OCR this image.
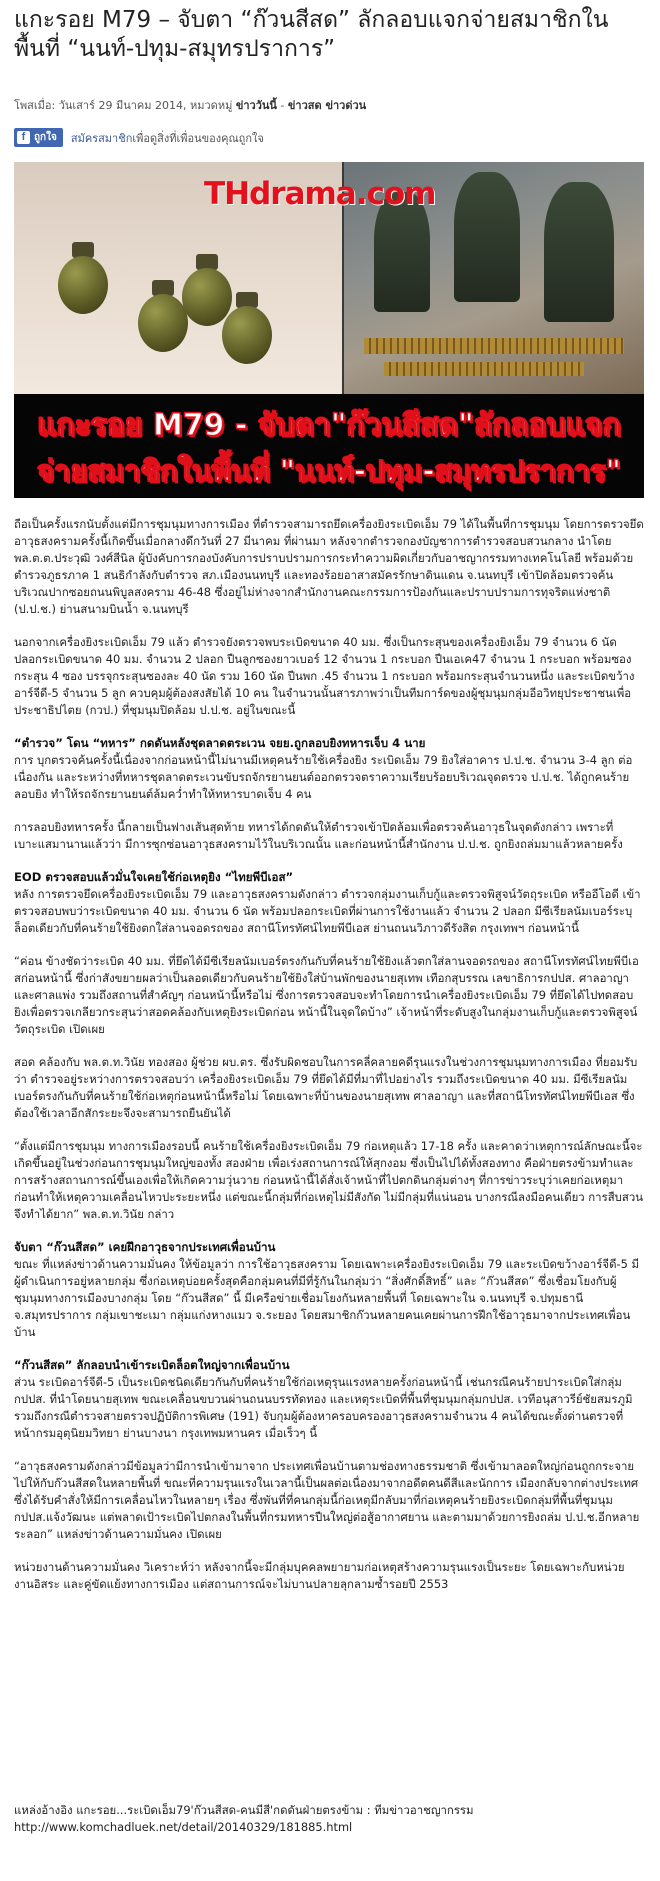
แกะรอย M79 – จับตา “ก๊วนสีสด” ลักลอบแจกจ่ายสมาชิกในพื้นที่ “นนท์-ปทุม-สมุทรปราการ”
โพสเมื่อ: วันเสาร์ 29 มีนาคม 2014, หมวดหมู่ ข่าววันนี้ - ข่าวสด ข่าวด่วน
f ถูกใจ สมัครสมาชิก เพื่อดูสิ่งที่เพื่อนของคุณถูกใจ
THdrama.com
แกะรอย M79 - จับตา"ก๊วนสีสด"ลักลอบแจก
จ่ายสมาชิกในพื้นที่ "นนท์-ปทุม-สมุทรปราการ"

ถือเป็นครั้งแรกนับตั้งแต่มีการชุมนุมทางการเมือง ที่ตำรวจสามารถยึดเครื่องยิงระเบิดเอ็ม 79 ได้ในพื้นที่การชุมนุม โดยการตรวจยึดอาวุธสงครามครั้งนี้เกิดขึ้นเมื่อกลางดึกวันที่ 27 มีนาคม ที่ผ่านมา หลังจากตำรวจกองบัญชาการตำรวจสอบสวนกลาง นำโดย พล.ต.ต.ประวุฒิ วงศ์สีนิล ผู้บังคับการกองบังคับการปราบปรามการกระทำความผิดเกี่ยวกับอาชญากรรมทางเทคโนโลยี พร้อมด้วยตำรวจภูธรภาค 1 สนธิกำลังกับตำรวจ สภ.เมืองนนทบุรี และทองร้อยอาสาสมัครรักษาดินแดน จ.นนทบุรี เข้าปิดล้อมตรวจค้นบริเวณปากซอยถนนพิบูลสงคราม 46-48 ซึ่งอยู่ไม่ห่างจากสำนักงานคณะกรรมการป้องกันและปราบปรามการทุจริตแห่งชาติ (ป.ป.ช.) ย่านสนามบินน้ำ จ.นนทบุรี

นอกจากเครื่องยิงระเบิดเอ็ม 79 แล้ว ตำรวจยังตรวจพบระเบิดขนาด 40 มม. ซึ่งเป็นกระสุนของเครื่องยิงเอ็ม 79 จำนวน 6 นัด ปลอกระเบิดขนาด 40 มม. จำนวน 2 ปลอก ปืนลูกซองยาวเบอร์ 12 จำนวน 1 กระบอก ปืนเอเค47 จำนวน 1 กระบอก พร้อมซองกระสุน 4 ซอง บรรจุกระสุนซองละ 40 นัด รวม 160 นัด ปืนพก .45 จำนวน 1 กระบอก พร้อมกระสุนจำนวนหนึ่ง และระเบิดขว้างอาร์จีดี-5 จำนวน 5 ลูก ควบคุมผู้ต้องสงสัยได้ 10 คน ในจำนวนนั้นสารภาพว่าเป็นทีมการ์ดของผู้ชุมนุมกลุ่มอีอวิทยุประชาชนเพื่อ ประชาธิปไตย (กวป.) ที่ชุมนุมปิดล้อม ป.ป.ช. อยู่ในขณะนี้

“ตำรวจ” โดน “ทหาร” กดดันหลังชุดลาดตระเวน จยย.ถูกลอบยิงทหารเจ็บ 4 นาย

การ บุกตรวจค้นครั้งนี้เนื่องจากก่อนหน้านี้ไม่นานมีเหตุคนร้ายใช้เครื่องยิง ระเบิดเอ็ม 79 ยิงใส่อาคาร ป.ป.ช. จำนวน 3-4 ลูก ต่อเนื่องกัน และระหว่างที่ทหารชุดลาดตระเวนขับรถจักรยานยนต์ออกตรวจตราความเรียบร้อยบริเวณจุดตรวจ ป.ป.ช. ได้ถูกคนร้ายลอบยิง ทำให้รถจักรยานยนต์ล้มคว่ำทำให้ทหารบาดเจ็บ 4 คน

การลอบยิงทหารครั้ง นี้กลายเป็นฟางเส้นสุดท้าย ทหารได้กดดันให้ตำรวจเข้าปิดล้อมเพื่อตรวจค้นอาวุธในจุดดังกล่าว เพราะที่เบาะแสมานานแล้วว่า มีการซุกซ่อนอาวุธสงครามไว้ในบริเวณนั้น และก่อนหน้านี้สำนักงาน ป.ป.ช. ถูกยิงถล่มมาแล้วหลายครั้ง

EOD ตรวจสอบแล้วมั่นใจเคยใช้ก่อเหตุยิง “ไทยพีบีเอส”

หลัง การตรวจยึดเครื่องยิงระเบิดเอ็ม 79 และอาวุธสงครามดังกล่าว ตำรวจกลุ่มงานเก็บกู้และตรวจพิสูจน์วัตถุระเบิด หรืออีโอดี เข้าตรวจสอบพบว่าระเบิดขนาด 40 มม. จำนวน 6 นัด พร้อมปลอกระเบิดที่ผ่านการใช้งานแล้ว จำนวน 2 ปลอก มีซีเรียลนัมเบอร์ระบุล็อตเดียวกับที่คนร้ายใช้ยิงตกใส่ลานจอดรถของ สถานีโทรทัศน์ไทยพีบีเอส ย่านถนนวิภาวดีรังสิต กรุงเทพฯ ก่อนหน้านี้

“ค่อน ข้างชัดว่าระเบิด 40 มม. ที่ยึดได้มีซีเรียลนัมเบอร์ตรงกันกับที่คนร้ายใช้ยิงแล้วตกใส่ลานจอดรถของ สถานีโทรทัศน์ไทยพีบีเอสก่อนหน้านี้ ซึ่งก่าสังขยายผลว่าเป็นลอตเดียวกับคนร้ายใช้ยิงใส่บ้านพักของนายสุเทพ เทือกสุบรรณ เลขาธิการกปปส. ศาลอาญา และศาลแพ่ง รวมถึงสถานที่สำคัญๆ ก่อนหน้านี้หรือไม่ ซึ่งการตรวจสอบจะทำโดยการนำเครื่องยิงระเบิดเอ็ม 79 ที่ยึดได้ไปทดสอบยิงเพื่อตรวจเกลียวกระสุนว่าสอดคล้องกับเหตุยิงระเบิดก่อน หน้านี้ในจุดใดบ้าง” เจ้าหน้าที่ระดับสูงในกลุ่มงานเก็บกู้และตรวจพิสูจน์วัตถุระเบิด เปิดเผย

สอด คล้องกับ พล.ต.ท.วินัย ทองสอง ผู้ช่วย ผบ.ตร. ซึ่งรับผิดชอบในการคลี่คลายคดีรุนแรงในช่วงการชุมนุมทางการเมือง ที่ยอมรับว่า ตำรวจอยู่ระหว่างการตรวจสอบว่า เครื่องยิงระเบิดเอ็ม 79 ที่ยึดได้มีที่มาที่ไปอย่างไร รวมถึงระเบิดขนาด 40 มม. มีซีเรียลนัมเบอร์ตรงกันกับที่คนร้ายใช้ก่อเหตุก่อนหน้านี้หรือไม่ โดยเฉพาะที่บ้านของนายสุเทพ ศาลอาญา และที่สถานีโทรทัศน์ไทยพีบีเอส ซึ่งต้องใช้เวลาอีกสักระยะจึงจะสามารถยืนยันได้

“ตั้งแต่มีการชุมนุม ทางการเมืองรอบนี้ คนร้ายใช้เครื่องยิงระเบิดเอ็ม 79 ก่อเหตุแล้ว 17-18 ครั้ง และคาดว่าเหตุการณ์ลักษณะนี้จะเกิดขึ้นอยู่ในช่วงก่อนการชุมนุมใหญ่ของทั้ง สองฝ่าย เพื่อเร่งสถานการณ์ให้สุกงอม ซึ่งเป็นไปได้ทั้งสองทาง คือฝ่ายตรงข้ามทำและการสร้างสถานการณ์ขึ้นเองเพื่อให้เกิดความวุ่นวาย ก่อนหน้านี้ได้สั่งเจ้าหน้าที่ไปตกดินกลุ่มต่างๆ ที่การข่าวระบุว่าเคยก่อเหตุมาก่อนทำให้เหตุความเคลื่อนไหวปะระยะหนึ่ง แต่ขณะนี้กลุ่มที่ก่อเหตุไม่มีสังกัด ไม่มีกลุ่มที่แน่นอน บางกรณีลงมือคนเดียว การสืบสวนจึงทำได้ยาก” พล.ต.ท.วินัย กล่าว

จับตา “ก๊วนสีสด” เคยฝึกอาวุธจากประเทศเพื่อนบ้าน

ขณะ ที่แหล่งข่าวด้านความมั่นคง ให้ข้อมูลว่า การใช้อาวุธสงคราม โดยเฉพาะเครื่องยิงระเบิดเอ็ม 79 และระเบิดขว้างอาร์จีดี-5 มีผู้ดำเนินการอยู่หลายกลุ่ม ซึ่งก่อเหตุบ่อยครั้งสุดคือกลุ่มคนที่มีที่รู้กันในกลุ่มว่า “สิ่งศักดิ์สิทธิ์” และ “ก๊วนสีสด” ซึ่งเชื่อมโยงกับผู้ชุมนุมทางการเมืองบางกลุ่ม โดย “ก๊วนสีสด” นี้ มีเครือข่ายเชื่อมโยงกันหลายพื้นที่ โดยเฉพาะใน จ.นนทบุรี จ.ปทุมธานี จ.สมุทรปราการ กลุ่มเขาชะเมา กลุ่มแก่งหางแมว จ.ระยอง โดยสมาชิกก๊วนหลายคนเคยผ่านการฝึกใช้อาวุธมาจากประเทศเพื่อนบ้าน

“ก๊วนสีสด” ลักลอบนำเข้าระเบิดล็อตใหญ่จากเพื่อนบ้าน

ส่วน ระเบิดอาร์จีดี-5 เป็นระเบิดชนิดเดียวกันกับที่คนร้ายใช้ก่อเหตุรุนแรงหลายครั้งก่อนหน้านี้ เช่นกรณีคนร้ายปาระเบิดใส่กลุ่ม กปปส. ที่นำโดยนายสุเทพ ขณะเคลื่อนขบวนผ่านถนนบรรทัดทอง และเหตุระเบิดที่พื้นที่ชุมนุมกลุ่มกปปส. เวทีอนุสาวรีย์ชัยสมรภูมิ รวมถึงกรณีตำรวจสายตรวจปฏิบัติการพิเศษ (191) จับกุมผู้ต้องหาครอบครองอาวุธสงครามจำนวน 4 คนได้ขณะตั้งด่านตรวจที่หน้ากรมอุตุนิยมวิทยา ย่านบางนา กรุงเทพมหานคร เมื่อเร็วๆ นี้

“อาวุธสงครามดังกล่าวมีข้อมูลว่ามีการนำเข้ามาจาก ประเทศเพื่อนบ้านตามช่องทางธรรมชาติ ซึ่งเข้ามาลอตใหญ่ก่อนถูกกระจายไปให้กับก๊วนสีสดในหลายพื้นที่ ขณะที่ความรุนแรงในเวลานี้เป็นผลต่อเนื่องมาจากอดีตคนดีสีและนักการ เมืองกลับจากต่างประเทศ ซึ่งได้รับคำสั่งให้มีการเคลื่อนไหวในหลายๆ เรื่อง ซึ่งพันที่ที่คนกลุ่มนี้ก่อเหตุมีกลับมาที่ก่อเหตุคนร้ายยิงระเบิดกลุ่มที่พื้นที่ชุมนุม กปปส.แจ้งวัฒนะ แต่พลาดเป้าระเบิดไปตกลงในพื้นที่กรมทหารปืนใหญ่ต่อสู้อากาศยาน และตามมาด้วยการยิงถล่ม ป.ป.ช.อีกหลายระลอก” แหล่งข่าวด้านความมั่นคง เปิดเผย

หน่วยงานด้านความมั่นคง วิเคราะห์ว่า หลังจากนี้จะมีกลุ่มบุคคลพยายามก่อเหตุสร้างความรุนแรงเป็นระยะ โดยเฉพาะกับหน่วยงานอิสระ และคู่ขัดแย้งทางการเมือง แต่สถานการณ์จะไม่บานปลายลุกลามซ้ำรอยปี 2553

แหล่งอ้างอิง แกะรอย...ระเบิดเอ็ม79'ก๊วนสีสด-คนมีสี'กดดันฝ่ายตรงข้าม : ทีมข่าวอาชญากรรม
http://www.komchadluek.net/detail/20140329/181885.html
